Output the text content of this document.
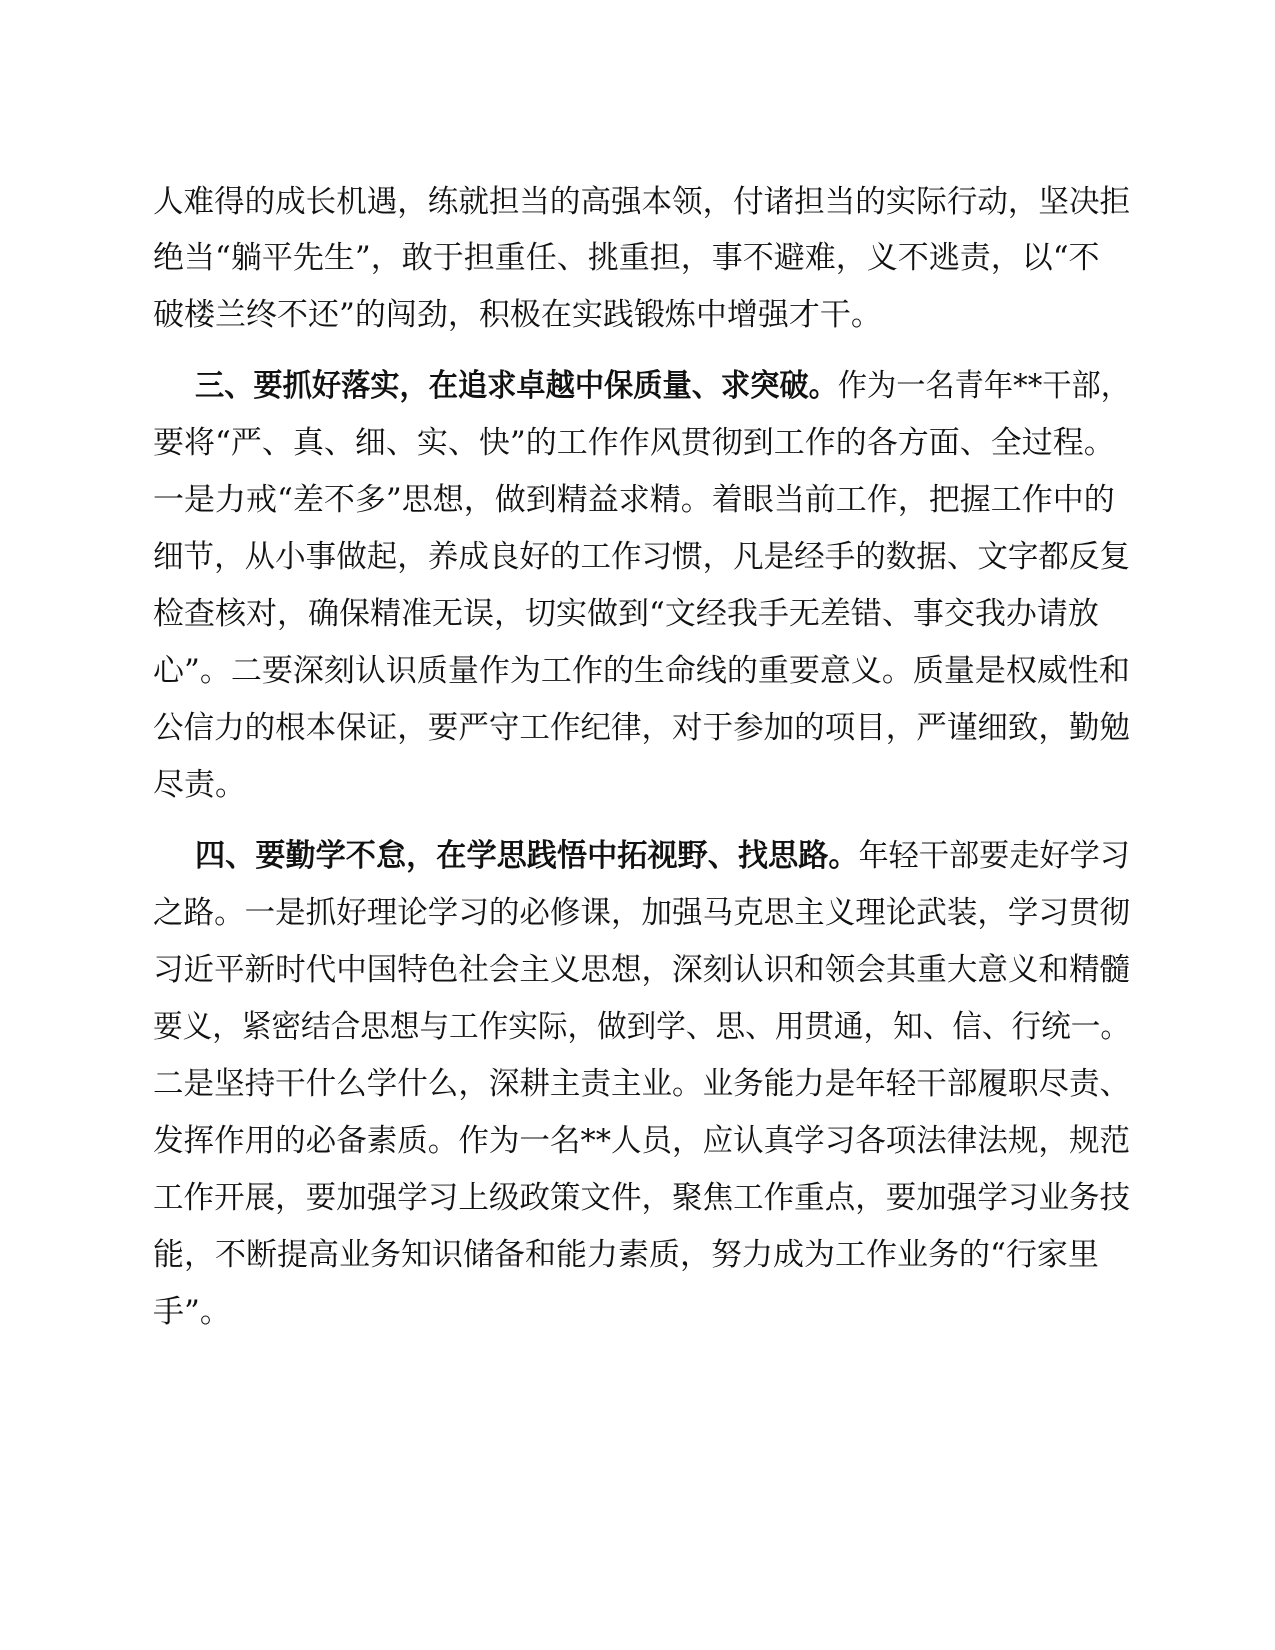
人难得的成长机遇，练就担当的高强本领，付诸担当的实际行动，坚决拒
绝当“躺平先生”，敢于担重任、挑重担，事不避难，义不逃责，以“不
破楼兰终不还”的闯劲，积极在实践锻炼中增强才干。
三、要抓好落实，在追求卓越中保质量、求突破。作为一名青年**干部，
要将“严、真、细、实、快”的工作作风贯彻到工作的各方面、全过程。
一是力戒“差不多”思想，做到精益求精。着眼当前工作，把握工作中的
细节，从小事做起，养成良好的工作习惯，凡是经手的数据、文字都反复
检查核对，确保精准无误，切实做到“文经我手无差错、事交我办请放
心”。二要深刻认识质量作为工作的生命线的重要意义。质量是权威性和
公信力的根本保证，要严守工作纪律，对于参加的项目，严谨细致，勤勉
尽责。
四、要勤学不怠，在学思践悟中拓视野、找思路。年轻干部要走好学习
之路。一是抓好理论学习的必修课，加强马克思主义理论武装，学习贯彻
习近平新时代中国特色社会主义思想，深刻认识和领会其重大意义和精髓
要义，紧密结合思想与工作实际，做到学、思、用贯通，知、信、行统一。
二是坚持干什么学什么，深耕主责主业。业务能力是年轻干部履职尽责、
发挥作用的必备素质。作为一名**人员，应认真学习各项法律法规，规范
工作开展，要加强学习上级政策文件，聚焦工作重点，要加强学习业务技
能，不断提高业务知识储备和能力素质，努力成为工作业务的“行家里
手”。
